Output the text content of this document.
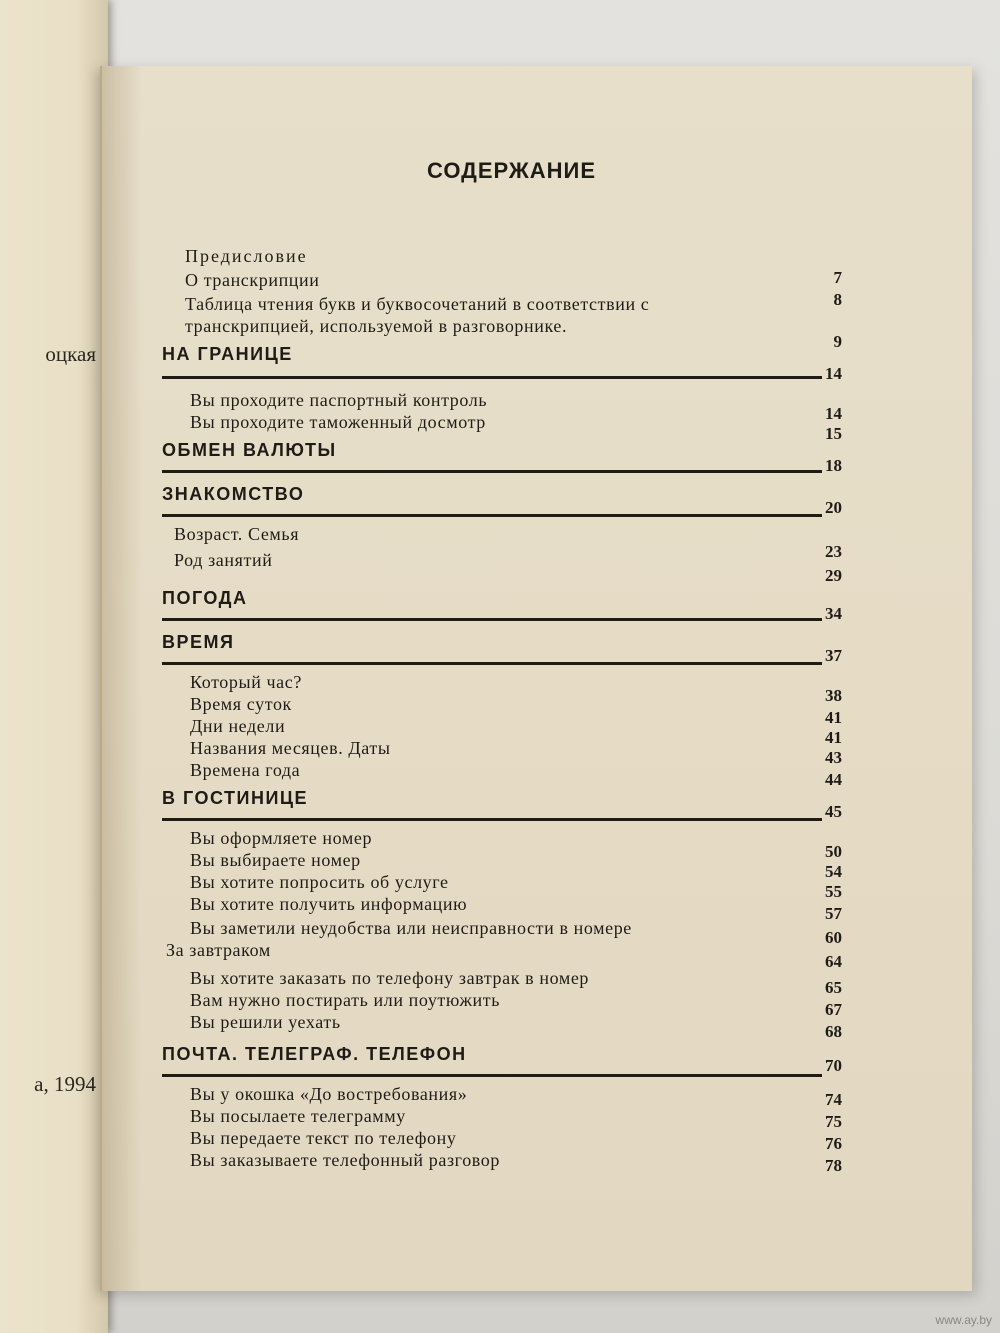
оцкая
а, 1994
СОДЕРЖАНИЕ
Предисловие
О транскрипции
Таблица чтения букв и буквосочетаний в соответствии с
транскрипцией, используемой в разговорнике.
НА ГРАНИЦЕ
Вы проходите паспортный контроль
Вы проходите таможенный досмотр
ОБМЕН ВАЛЮТЫ
ЗНАКОМСТВО
Возраст. Семья
Род занятий
ПОГОДА
ВРЕМЯ
Который час?
Время суток
Дни недели
Названия месяцев. Даты
Времена года
В ГОСТИНИЦЕ
Вы оформляете номер
Вы выбираете номер
Вы хотите попросить об услуге
Вы хотите получить информацию
Вы заметили неудобства или неисправности в номере
За завтраком
Вы хотите заказать по телефону завтрак в номер
Вам нужно постирать или поутюжить
Вы решили уехать
ПОЧТА. ТЕЛЕГРАФ. ТЕЛЕФОН
Вы у окошка «До востребования»
Вы посылаете телеграмму
Вы передаете текст по телефону
Вы заказываете телефонный разговор
7
8
9
14
14
15
18
20
23
29
34
37
38
41
41
43
44
45
50
54
55
57
60
64
65
67
68
70
74
75
76
78
www.ay.by
